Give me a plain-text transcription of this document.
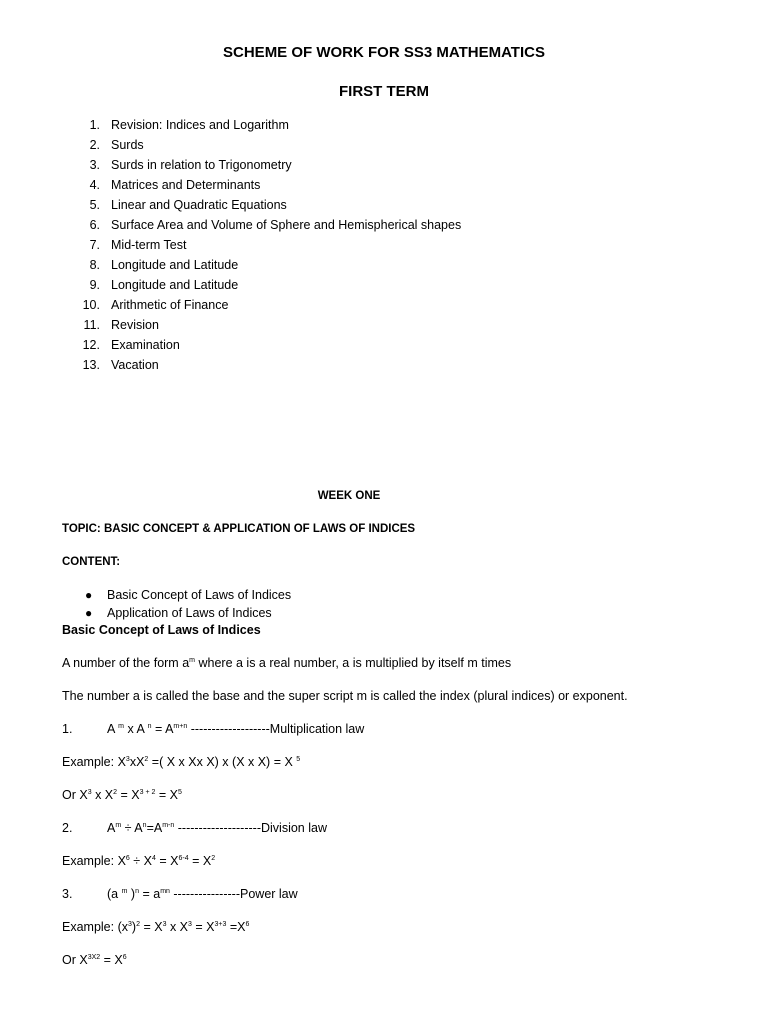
SCHEME OF WORK FOR SS3 MATHEMATICS
FIRST TERM
1. Revision: Indices and Logarithm
2. Surds
3. Surds in relation to Trigonometry
4. Matrices and Determinants
5. Linear and Quadratic Equations
6. Surface Area and Volume of Sphere and Hemispherical shapes
7. Mid-term Test
8. Longitude and Latitude
9. Longitude and Latitude
10. Arithmetic of Finance
11. Revision
12. Examination
13. Vacation
WEEK ONE
TOPIC: BASIC CONCEPT & APPLICATION OF LAWS OF INDICES
CONTENT:
● Basic Concept of Laws of Indices
● Application of Laws of Indices
Basic Concept of Laws of Indices
A number of the form $a^m$ where a is a real number, a is multiplied by itself m times
The number a is called the base and the super script m is called the index (plural indices) or exponent.
1.	A $^m$ x A $^n = A^{m+n}$ -------------------Multiplication law
Example: $X^3xX^2$ =( X x Xx X) x (X x X) = X $^5$
Or $X^3$ x $X^2 = X^{3 + 2} = X^5$
2.	$A^m \div A^n=A^{m-n}$ --------------------Division law
Example: $X^6 \div X^4 = X^{6-4} = X^2$
3.	(a $^m$ )$^n = a^{mn}$ ----------------Power law
Example: $(x^3)^2 = X^3$ x $X^3 = X^{3+3} =X^6$
Or $X^{3X2} = X^6$
